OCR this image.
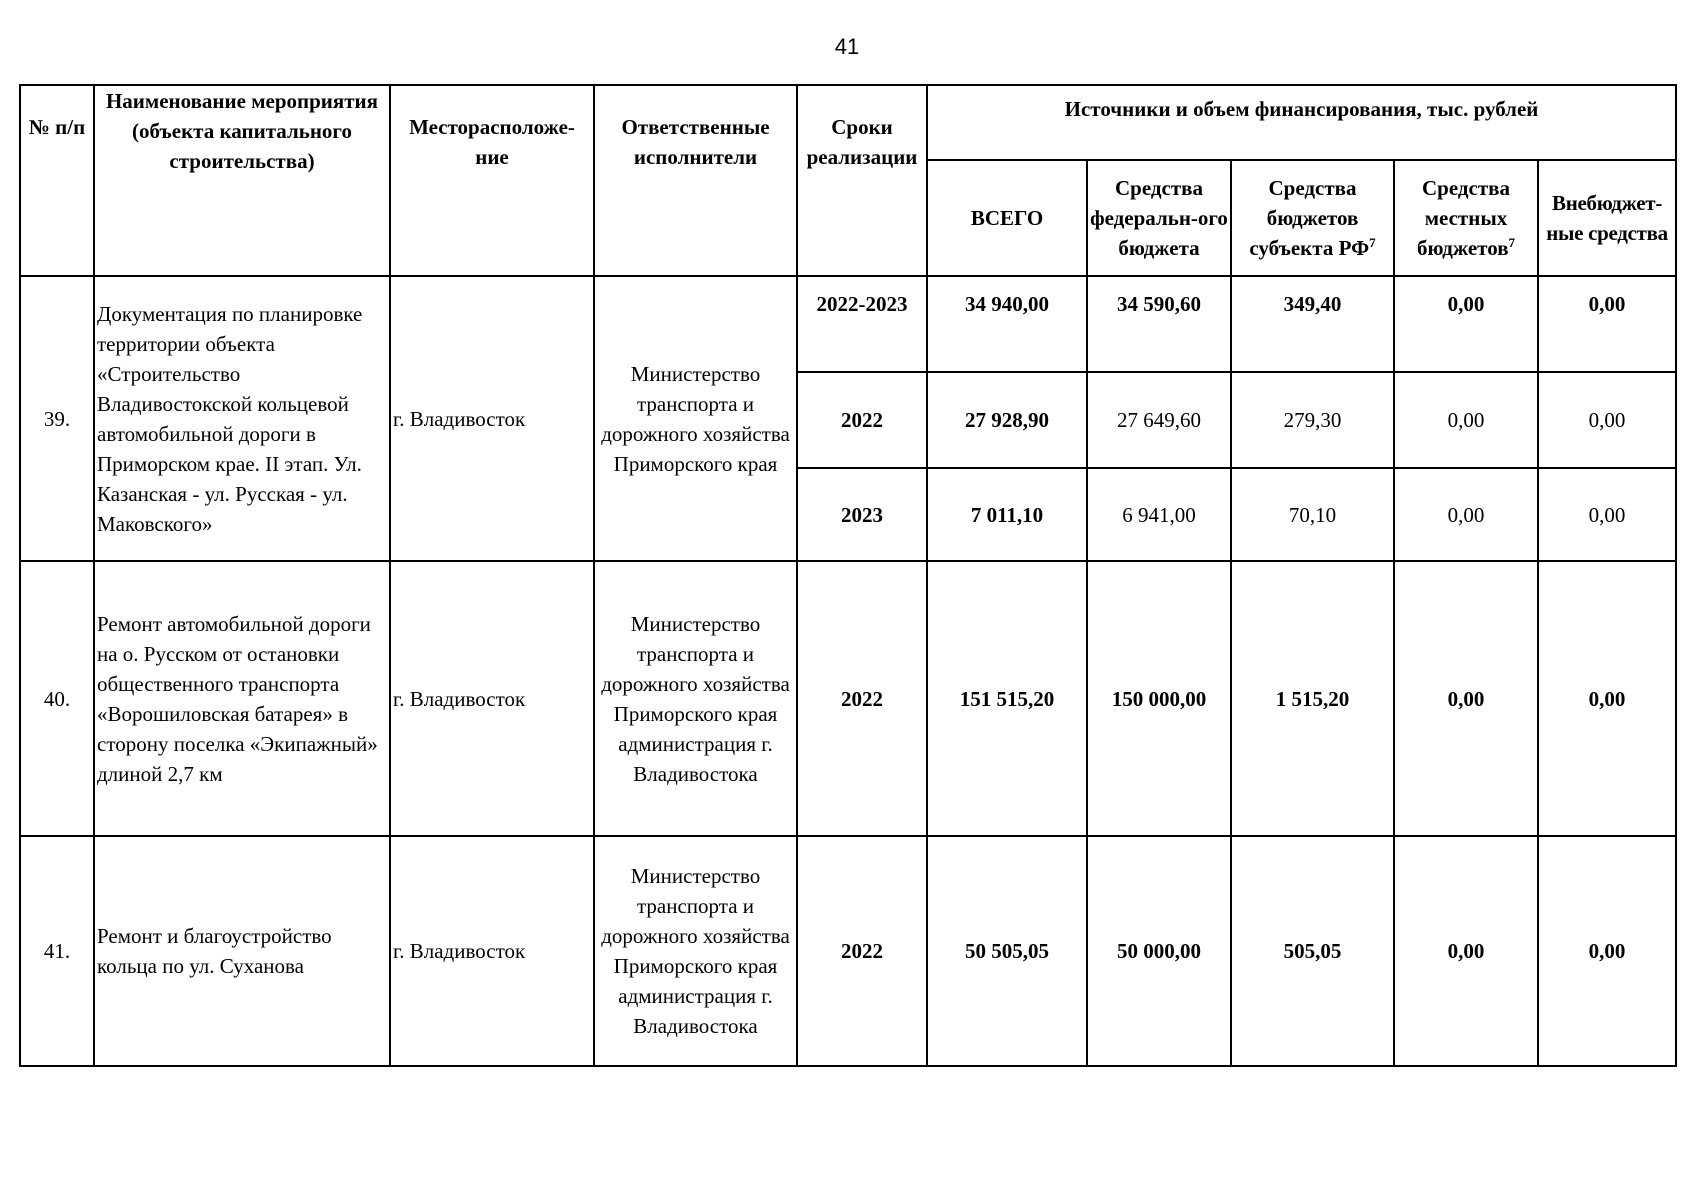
41
№ п/п	Наименование мероприятия (объекта капитального строительства)	Месторасположе-ние	Ответственные исполнители	Сроки реализации	Источники и объем финансирования, тыс. рублей				
					ВСЕГО	Средства федеральн-ого бюджета	Средства бюджетов субъекта $РФ^7$	Средства местных бюджетов$^7$	Внебюджет-ные средства
39.	Документация по планировке территории объекта «Строительство Владивостокской кольцевой автомобильной дороги в Приморском крае. II этап. Ул. Казанская - ул. Русская - ул. Маковского»	г. Владивосток	Министерство транспорта и дорожного хозяйства Приморского края	2022-2023	34 940,00	34 590,60	349,40	0,00	0,00
				2022	27 928,90	27 649,60	279,30	0,00	0,00
				2023	7 011,10	6 941,00	70,10	0,00	0,00
40.	Ремонт автомобильной дороги на о. Русском от остановки общественного транспорта «Ворошиловская батарея» в сторону поселка «Экипажный» длиной 2,7 км	г. Владивосток	Министерство транспорта и дорожного хозяйства Приморского края администрация г. Владивостока	2022	151 515,20	150 000,00	1 515,20	0,00	0,00
41.	Ремонт и благоустройство кольца по ул. Суханова	г. Владивосток	Министерство транспорта и дорожного хозяйства Приморского края администрация г. Владивостока	2022	50 505,05	50 000,00	505,05	0,00	0,00
